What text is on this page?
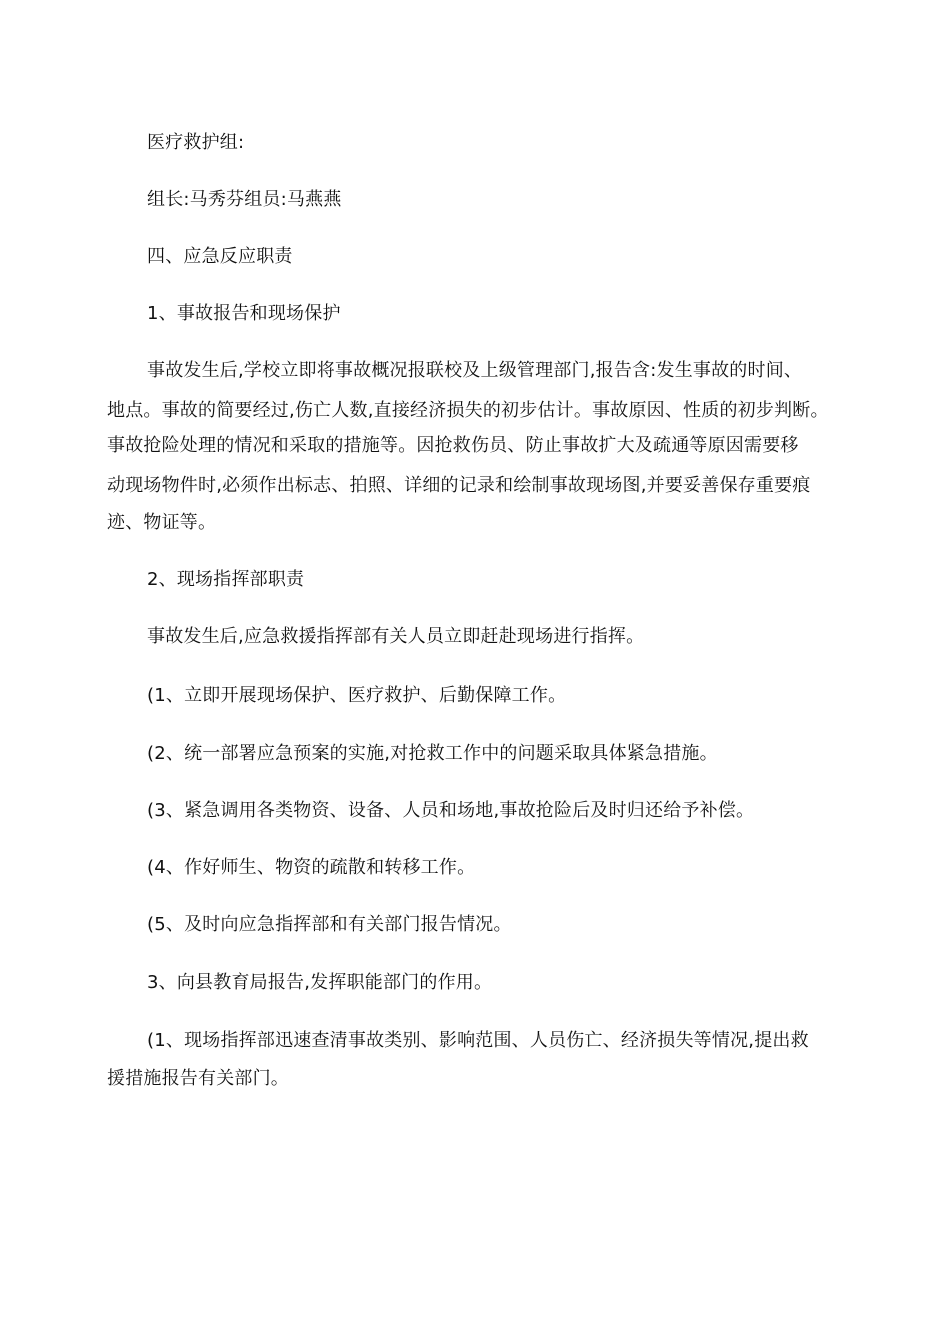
医疗救护组:
组长:马秀芬组员:马燕燕
四、应急反应职责
1、事故报告和现场保护
事故发生后,学校立即将事故概况报联校及上级管理部门,报告含:发生事故的时间、
地点。事故的简要经过,伤亡人数,直接经济损失的初步估计。事故原因、性质的初步判断。
事故抢险处理的情况和采取的措施等。因抢救伤员、防止事故扩大及疏通等原因需要移
动现场物件时,必须作出标志、拍照、详细的记录和绘制事故现场图,并要妥善保存重要痕
迹、物证等。
2、现场指挥部职责
事故发生后,应急救援指挥部有关人员立即赶赴现场进行指挥。
(1、立即开展现场保护、医疗救护、后勤保障工作。
(2、统一部署应急预案的实施,对抢救工作中的问题采取具体紧急措施。
(3、紧急调用各类物资、设备、人员和场地,事故抢险后及时归还给予补偿。
(4、作好师生、物资的疏散和转移工作。
(5、及时向应急指挥部和有关部门报告情况。
3、向县教育局报告,发挥职能部门的作用。
(1、现场指挥部迅速查清事故类别、影响范围、人员伤亡、经济损失等情况,提出救
援措施报告有关部门。
